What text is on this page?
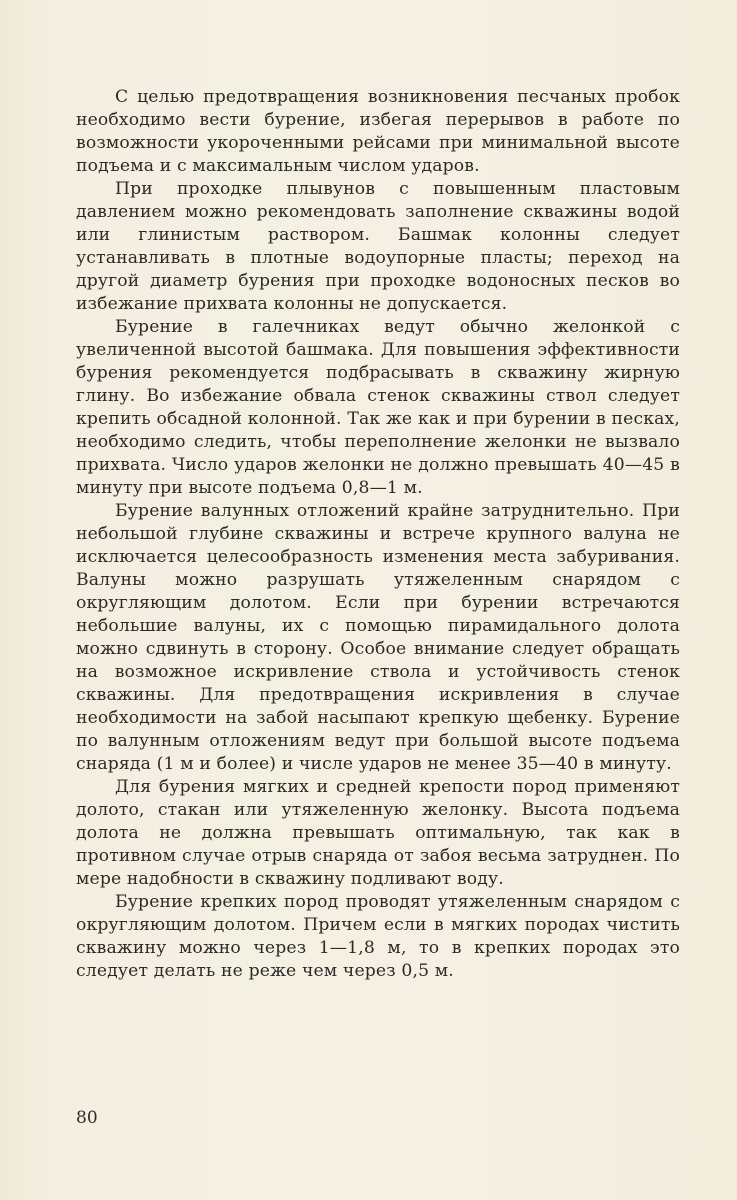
С целью предотвращения возникновения песчаных пробок необходимо вести бурение, избегая перерывов в работе по возможности укороченными рейсами при минимальной высоте подъема и с максимальным числом ударов.

При проходке плывунов с повышенным пластовым давлением можно рекомендовать заполнение скважины водой или глинистым раствором. Башмак колонны следует устанавливать в плотные водоупорные пласты; переход на другой диаметр бурения при проходке водоносных песков во избежание прихвата колонны не допускается.

Бурение в галечниках ведут обычно желонкой с увеличенной высотой башмака. Для повышения эффективности бурения рекомендуется подбрасывать в скважину жирную глину. Во избежание обвала стенок скважины ствол следует крепить обсадной колонной. Так же как и при бурении в песках, необходимо следить, чтобы переполнение желонки не вызвало прихвата. Число ударов желонки не должно превышать 40—45 в минуту при высоте подъема 0,8—1 м.

Бурение валунных отложений крайне затруднительно. При небольшой глубине скважины и встрече крупного валуна не исключается целесообразность изменения места забуривания. Валуны можно разрушать утяжеленным снарядом с округляющим долотом. Если при бурении встречаются небольшие валуны, их с помощью пирамидального долота можно сдвинуть в сторону. Особое внимание следует обращать на возможное искривление ствола и устойчивость стенок скважины. Для предотвращения искривления в случае необходимости на забой насыпают крепкую щебенку. Бурение по валунным отложениям ведут при большой высоте подъема снаряда (1 м и более) и числе ударов не менее 35—40 в минуту.

Для бурения мягких и средней крепости пород применяют долото, стакан или утяжеленную желонку. Высота подъема долота не должна превышать оптимальную, так как в противном случае отрыв снаряда от забоя весьма затруднен. По мере надобности в скважину подливают воду.

Бурение крепких пород проводят утяжеленным снарядом с округляющим долотом. Причем если в мягких породах чистить скважину можно через 1—1,8 м, то в крепких породах это следует делать не реже чем через 0,5 м.

80
